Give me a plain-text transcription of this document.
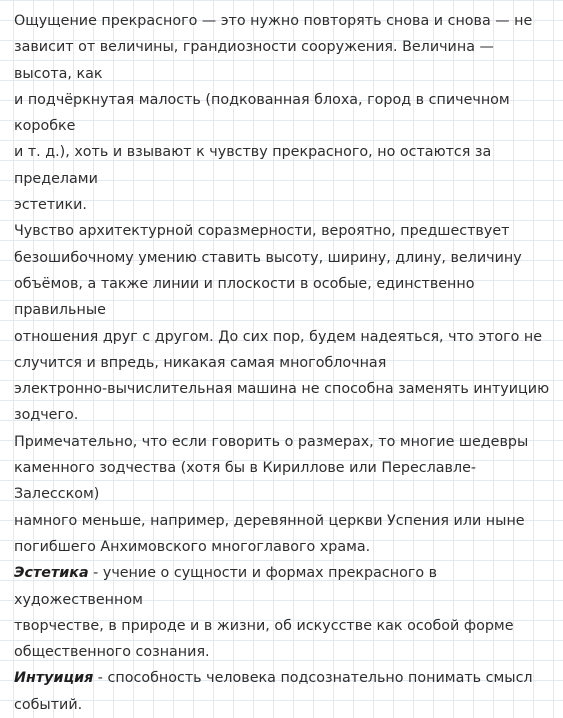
Ощущение прекрасного — это нужно повторять снова и снова — не
зависит от величины, грандиозности сооружения. Величина — высота, как
и подчёркнутая малость (подкованная блоха, город в спичечном коробке
и т. д.), хоть и взывают к чувству прекрасного, но остаются за пределами
эстетики.

Чувство архитектурной соразмерности, вероятно, предшествует
безошибочному умению ставить высоту, ширину, длину, величину
объёмов, а также линии и плоскости в особые, единственно правильные
отношения друг с другом. До сих пор, будем надеяться, что этого не
случится и впредь, никакая самая многоблочная
электронно-вычислительная машина не способна заменять интуицию
зодчего.

Примечательно, что если говорить о размерах, то многие шедевры
каменного зодчества (хотя бы в Кириллове или Переславле-Залесском)
намного меньше, например, деревянной церкви Успения или ныне
погибшего Анхимовского многоглавого храма.

Эстетика - учение о сущности и формах прекрасного в художественном
творчестве, в природе и в жизни, об искусстве как особой форме
общественного сознания.

Интуиция - способность человека подсознательно понимать смысл
событий.
